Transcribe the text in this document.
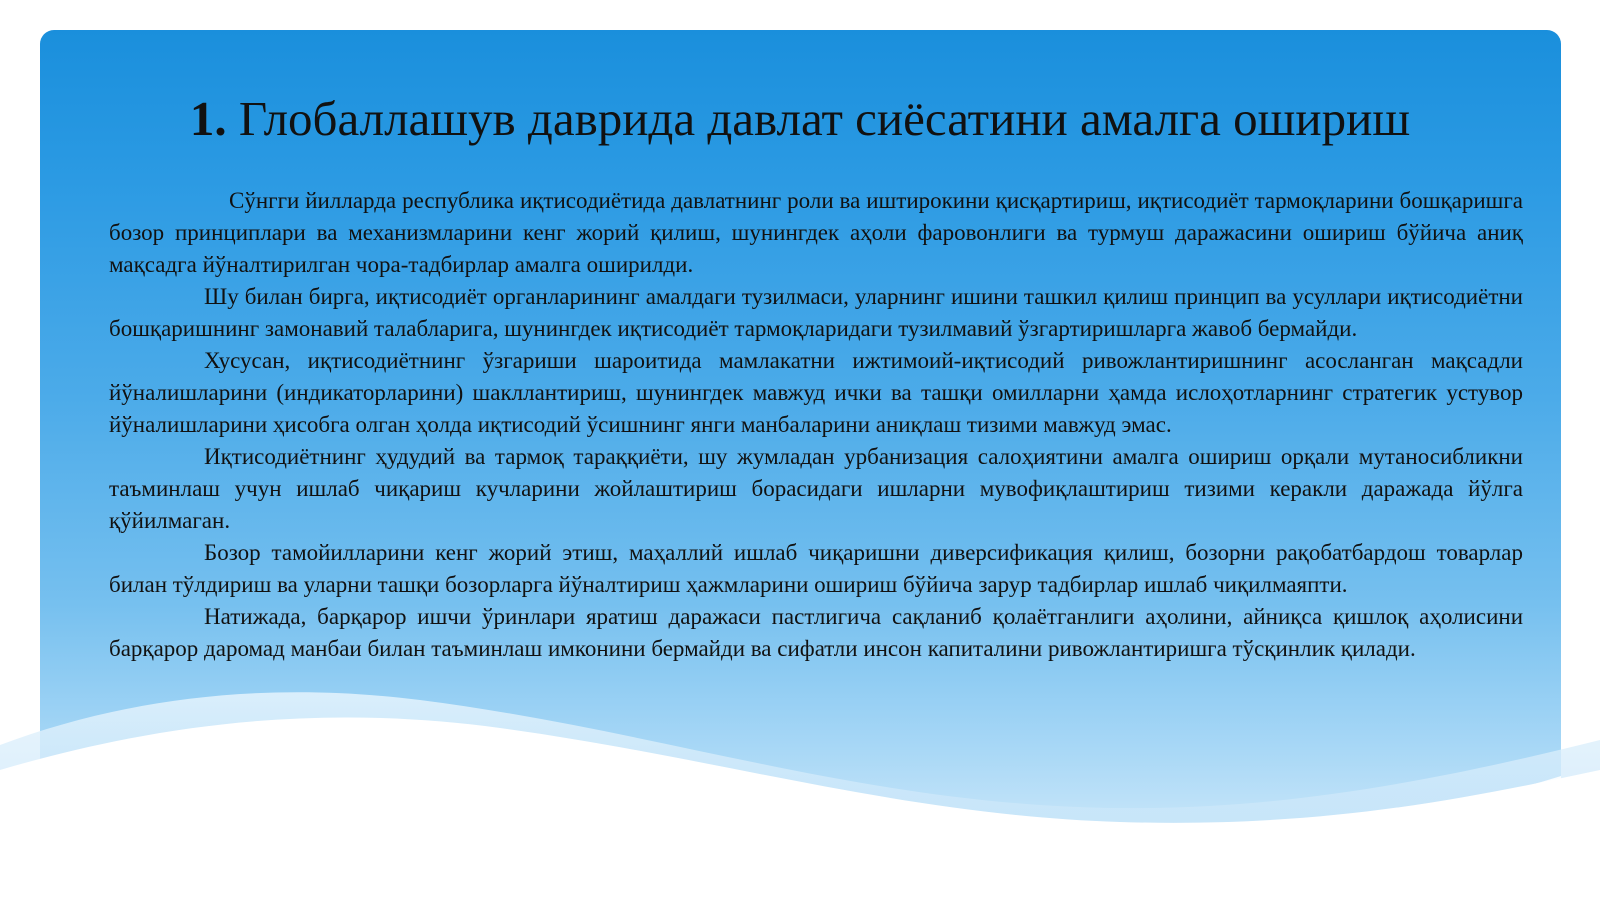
1. Глобаллашув даврида давлат сиёсатини амалга ошириш

Сўнгги йилларда республика иқтисодиётида давлатнинг роли ва иштирокини қисқартириш, иқтисодиёт тармоқларини бошқаришга бозор принциплари ва механизмларини кенг жорий қилиш, шунингдек аҳоли фаровонлиги ва турмуш даражасини ошириш бўйича аниқ мақсадга йўналтирилган чора-тадбирлар амалга оширилди.

Шу билан бирга, иқтисодиёт органларининг амалдаги тузилмаси, уларнинг ишини ташкил қилиш принцип ва усуллари иқтисодиётни бошқаришнинг замонавий талабларига, шунингдек иқтисодиёт тармоқларидаги тузилмавий ўзгартиришларга жавоб бермайди.

Хусусан, иқтисодиётнинг ўзгариши шароитида мамлакатни ижтимоий-иқтисодий ривожлантиришнинг асосланган мақсадли йўналишларини (индикаторларини) шакллантириш, шунингдек мавжуд ички ва ташқи омилларни ҳамда ислоҳотларнинг стратегик устувор йўналишларини ҳисобга олган ҳолда иқтисодий ўсишнинг янги манбаларини аниқлаш тизими мавжуд эмас.

Иқтисодиётнинг ҳудудий ва тармоқ тараққиёти, шу жумладан урбанизация салоҳиятини амалга ошириш орқали мутаносибликни таъминлаш учун ишлаб чиқариш кучларини жойлаштириш борасидаги ишларни мувофиқлаштириш тизими керакли даражада йўлга қўйилмаган.

Бозор тамойилларини кенг жорий этиш, маҳаллий ишлаб чиқаришни диверсификация қилиш, бозорни рақобатбардош товарлар билан тўлдириш ва уларни ташқи бозорларга йўналтириш ҳажмларини ошириш бўйича зарур тадбирлар ишлаб чиқилмаяпти.

Натижада, барқарор ишчи ўринлари яратиш даражаси пастлигича сақланиб қолаётганлиги аҳолини, айниқса қишлоқ аҳолисини барқарор даромад манбаи билан таъминлаш имконини бермайди ва сифатли инсон капиталини ривожлантиришга тўсқинлик қилади.
